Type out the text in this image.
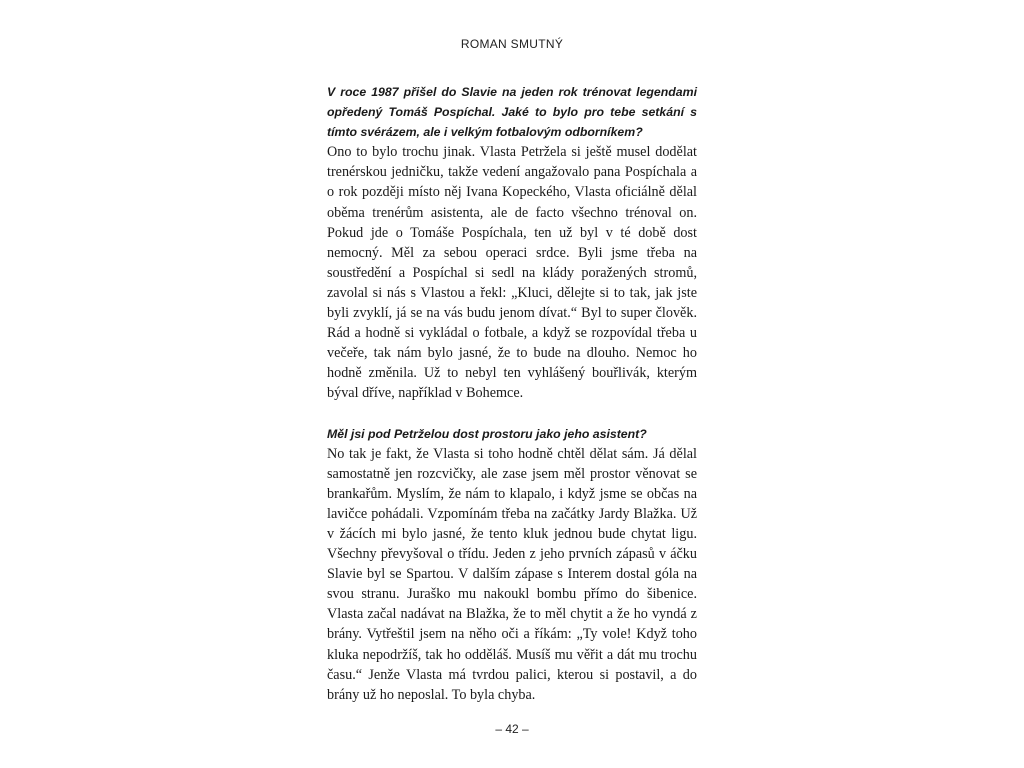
ROMAN SMUTNÝ

V roce 1987 přišel do Slavie na jeden rok trénovat legendami opředený Tomáš Pospíchal. Jaké to bylo pro tebe setkání s tímto svérázem, ale i velkým fotbalovým odborníkem?

Ono to bylo trochu jinak. Vlasta Petržela si ještě musel dodělat trenérskou jedničku, takže vedení angažovalo pana Pospíchala a o rok později místo něj Ivana Kopeckého, Vlasta oficiálně dělal oběma trenérům asistenta, ale de facto všechno trénoval on. Pokud jde o Tomáše Pospíchala, ten už byl v té době dost nemocný. Měl za sebou operaci srdce. Byli jsme třeba na soustředění a Pospíchal si sedl na klády poražených stromů, zavolal si nás s Vlastou a řekl: „Kluci, dělejte si to tak, jak jste byli zvyklí, já se na vás budu jenom dívat.“ Byl to super člověk. Rád a hodně si vykládal o fotbale, a když se rozpovídal třeba u večeře, tak nám bylo jasné, že to bude na dlouho. Nemoc ho hodně změnila. Už to nebyl ten vyhlášený bouřlivák, kterým býval dříve, například v Bohemce.

Měl jsi pod Petrželou dost prostoru jako jeho asistent?

No tak je fakt, že Vlasta si toho hodně chtěl dělat sám. Já dělal samostatně jen rozcvičky, ale zase jsem měl prostor věnovat se brankařům. Myslím, že nám to klapalo, i když jsme se občas na lavičce pohádali. Vzpomínám třeba na začátky Jardy Blažka. Už v žácích mi bylo jasné, že tento kluk jednou bude chytat ligu. Všechny převyšoval o třídu. Jeden z jeho prvních zápasů v áčku Slavie byl se Spartou. V dalším zápase s Interem dostal góla na svou stranu. Juraško mu nakoukl bombu přímo do šibenice. Vlasta začal nadávat na Blažka, že to měl chytit a že ho vyndá z brány. Vytřeštil jsem na něho oči a říkám: „Ty vole! Když toho kluka nepodržíš, tak ho odděláš. Musíš mu věřit a dát mu trochu času.“ Jenže Vlasta má tvrdou palici, kterou si postavil, a do brány už ho neposlal. To byla chyba.

– 42 –
